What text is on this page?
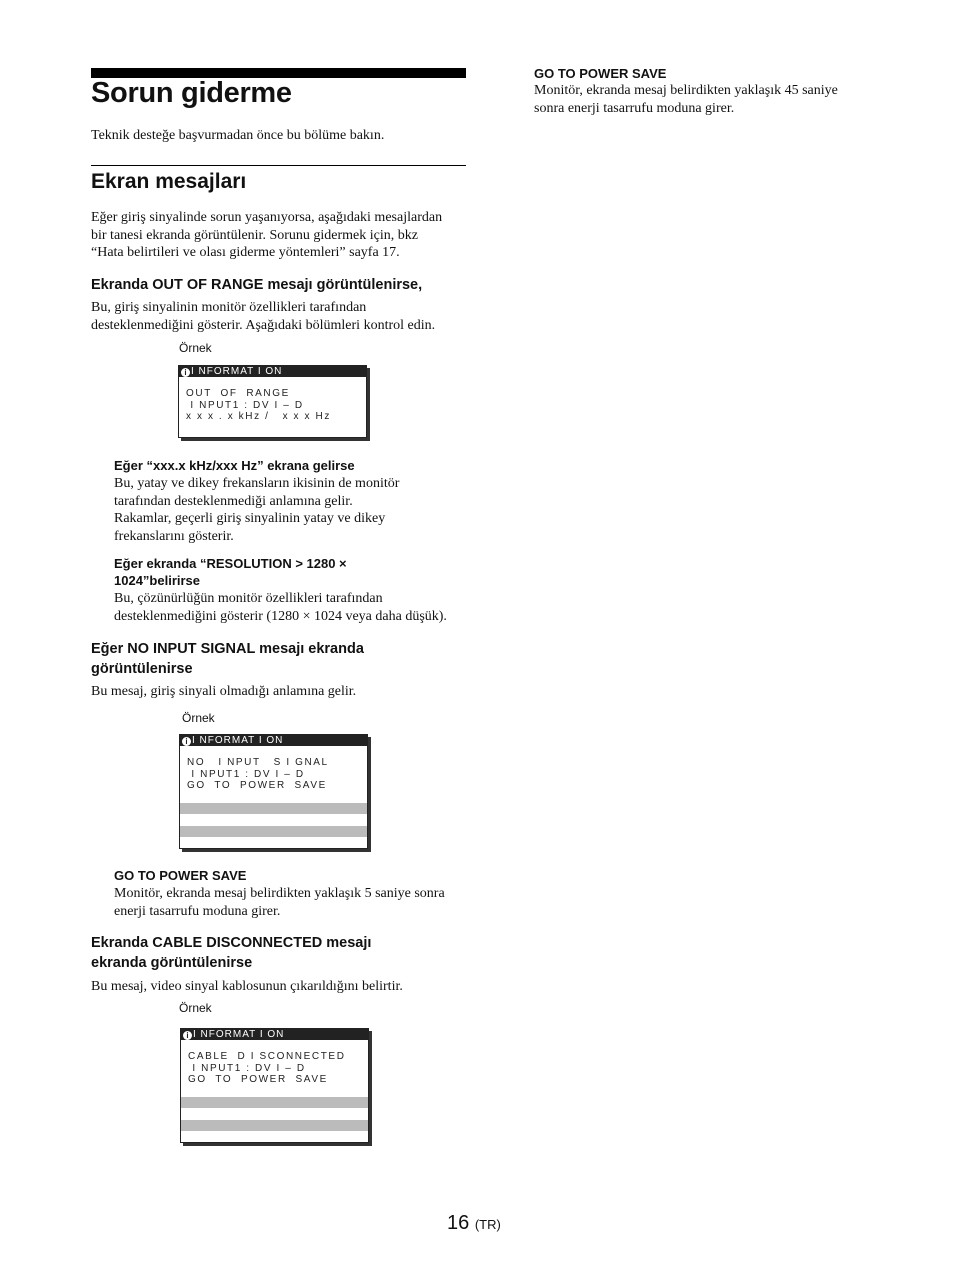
Sorun giderme

Teknik desteğe başvurmadan önce bu bölüme bakın.

Ekran mesajları

Eğer giriş sinyalinde sorun yaşanıyorsa, aşağıdaki mesajlardan

bir tanesi ekranda görüntülenir. Sorunu gidermek için, bkz

“Hata belirtileri ve olası giderme yöntemleri” sayfa 17.

Ekranda OUT OF RANGE mesajı görüntülenirse,

Bu, giriş sinyalinin monitör özellikleri tarafından

desteklenmediğini gösterir. Aşağıdaki bölümleri kontrol edin.

Örnek
i I NFORMAT I ON
OUT  OF  RANGE
I NPUT1 : DV I – D
x x x . x kHz /   x x x Hz

Eğer “xxx.x kHz/xxx Hz” ekrana gelirse

Bu, yatay ve dikey frekansların ikisinin de monitör

tarafından desteklenmediği anlamına gelir.

Rakamlar, geçerli giriş sinyalinin yatay ve dikey

frekanslarını gösterir.

Eğer ekranda “RESOLUTION > 1280 ×

1024”belirirse

Bu, çözünürlüğün monitör özellikleri tarafından

desteklenmediğini gösterir (1280 × 1024 veya daha düşük).

Eğer NO INPUT SIGNAL mesajı ekranda

görüntülenirse

Bu mesaj, giriş sinyali olmadığı anlamına gelir.

Örnek
i I NFORMAT I ON
NO   I NPUT   S I GNAL
I NPUT1 : DV I – D
GO  TO  POWER  SAVE

GO TO POWER SAVE

Monitör, ekranda mesaj belirdikten yaklaşık 5 saniye sonra

enerji tasarrufu moduna girer.

Ekranda CABLE DISCONNECTED mesajı

ekranda görüntülenirse

Bu mesaj, video sinyal kablosunun çıkarıldığını belirtir.

Örnek
i I NFORMAT I ON
CABLE  D I SCONNECTED
I NPUT1 : DV I – D
GO  TO  POWER  SAVE

GO TO POWER SAVE

Monitör, ekranda mesaj belirdikten yaklaşık 45 saniye

sonra enerji tasarrufu moduna girer.

16 (TR)
